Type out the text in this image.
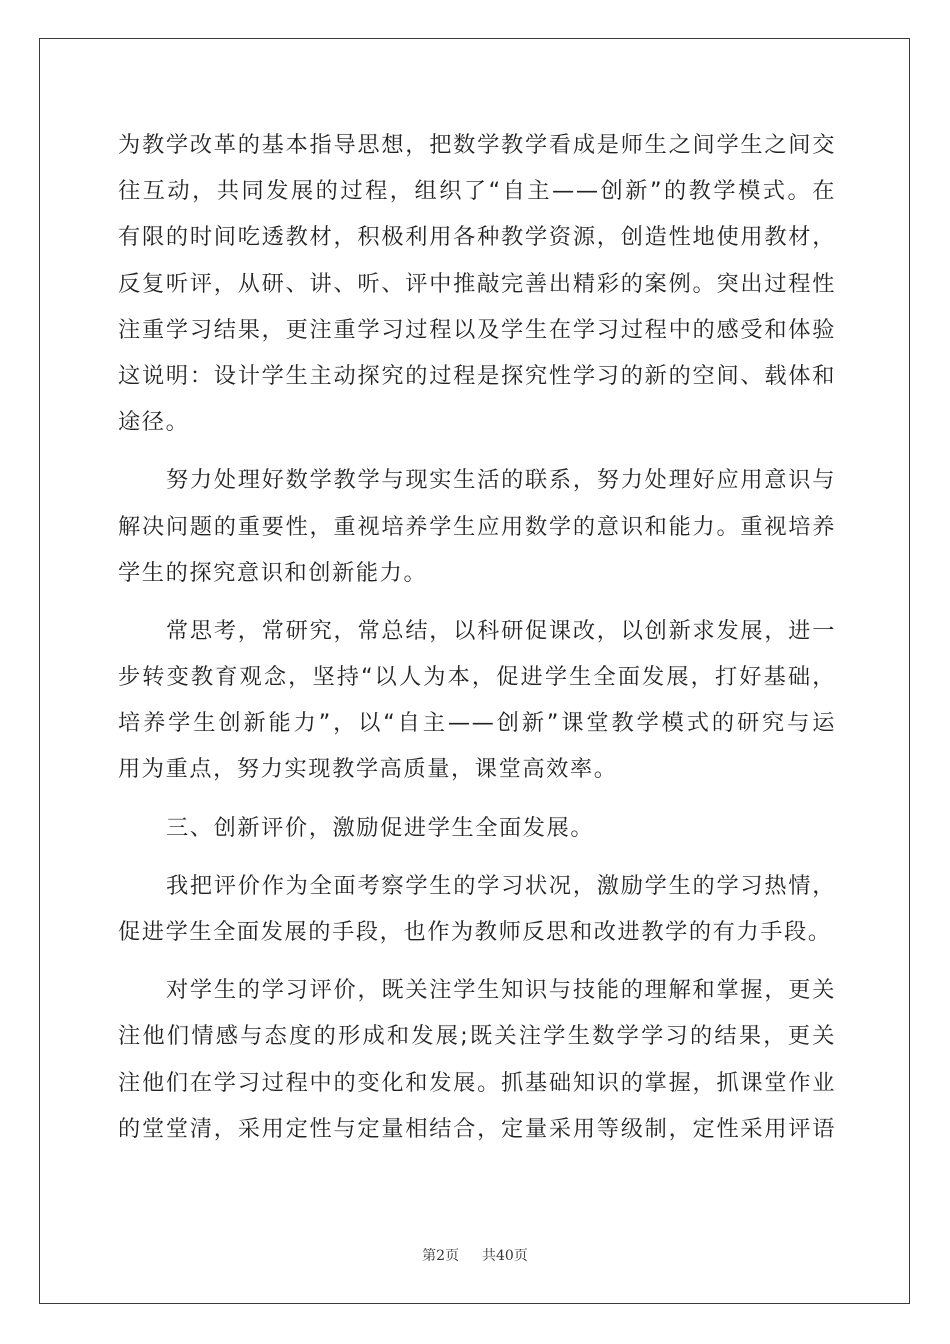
为教学改革的基本指导思想，把数学教学看成是师生之间学生之间交
往互动，共同发展的过程，组织了“自主——创新”的教学模式。在
有限的时间吃透教材，积极利用各种教学资源，创造性地使用教材，
反复听评，从研、讲、听、评中推敲完善出精彩的案例。突出过程性
注重学习结果，更注重学习过程以及学生在学习过程中的感受和体验
这说明：设计学生主动探究的过程是探究性学习的新的空间、载体和
途径。
努力处理好数学教学与现实生活的联系，努力处理好应用意识与
解决问题的重要性，重视培养学生应用数学的意识和能力。重视培养
学生的探究意识和创新能力。
常思考，常研究，常总结，以科研促课改，以创新求发展，进一
步转变教育观念，坚持“以人为本，促进学生全面发展，打好基础，
培养学生创新能力”，以“自主——创新”课堂教学模式的研究与运
用为重点，努力实现教学高质量，课堂高效率。
三、创新评价，激励促进学生全面发展。
我把评价作为全面考察学生的学习状况，激励学生的学习热情，
促进学生全面发展的手段，也作为教师反思和改进教学的有力手段。
对学生的学习评价，既关注学生知识与技能的理解和掌握，更关
注他们情感与态度的形成和发展;既关注学生数学学习的结果，更关
注他们在学习过程中的变化和发展。抓基础知识的掌握，抓课堂作业
的堂堂清，采用定性与定量相结合，定量采用等级制，定性采用评语
第2页 共40页
